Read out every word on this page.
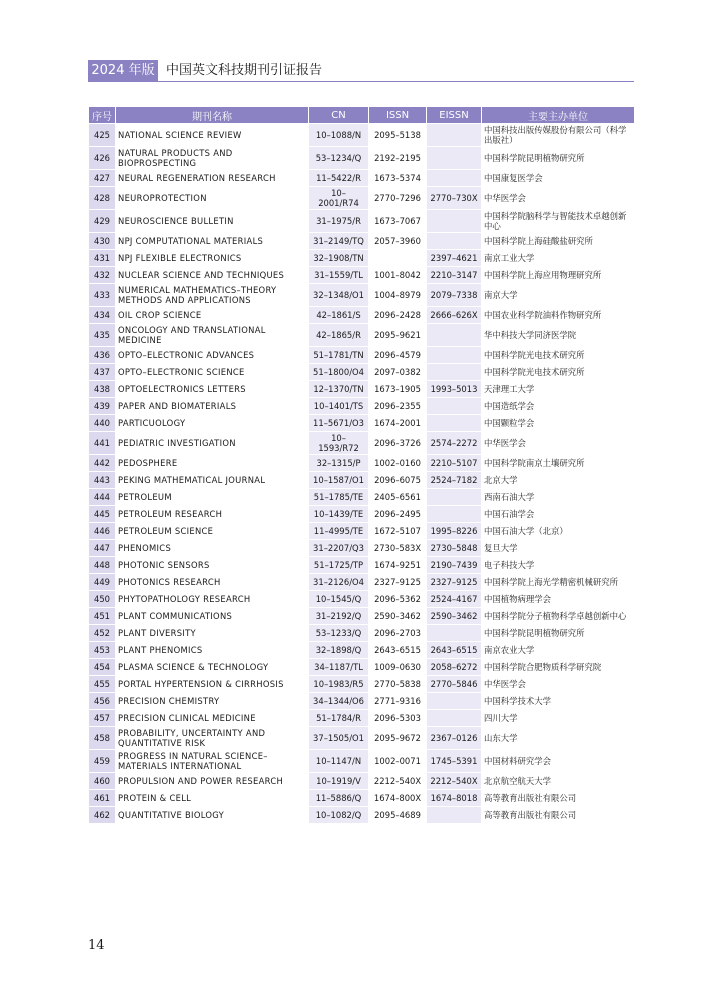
2024 年版 中国英文科技期刊引证报告
序号	期刊名称	CN	ISSN	EISSN	主要主办单位
425	NATIONAL SCIENCE REVIEW	10–1088/N	2095–5138		中国科技出版传媒股份有限公司（科学出版社）
426	NATURAL PRODUCTS AND BIOPROSPECTING	53–1234/Q	2192–2195		中国科学院昆明植物研究所
427	NEURAL REGENERATION RESEARCH	11–5422/R	1673–5374		中国康复医学会
428	NEUROPROTECTION	10–2001/R74	2770–7296	2770–730X	中华医学会
429	NEUROSCIENCE BULLETIN	31–1975/R	1673–7067		中国科学院脑科学与智能技术卓越创新中心
430	NPJ COMPUTATIONAL MATERIALS	31–2149/TQ	2057–3960		中国科学院上海硅酸盐研究所
431	NPJ FLEXIBLE ELECTRONICS	32–1908/TN		2397–4621	南京工业大学
432	NUCLEAR SCIENCE AND TECHNIQUES	31–1559/TL	1001–8042	2210–3147	中国科学院上海应用物理研究所
433	NUMERICAL MATHEMATICS–THEORY METHODS AND APPLICATIONS	32–1348/O1	1004–8979	2079–7338	南京大学
434	OIL CROP SCIENCE	42–1861/S	2096–2428	2666–626X	中国农业科学院油料作物研究所
435	ONCOLOGY AND TRANSLATIONAL MEDICINE	42–1865/R	2095–9621		华中科技大学同济医学院
436	OPTO–ELECTRONIC ADVANCES	51–1781/TN	2096–4579		中国科学院光电技术研究所
437	OPTO–ELECTRONIC SCIENCE	51–1800/O4	2097–0382		中国科学院光电技术研究所
438	OPTOELECTRONICS LETTERS	12–1370/TN	1673–1905	1993–5013	天津理工大学
439	PAPER AND BIOMATERIALS	10–1401/TS	2096–2355		中国造纸学会
440	PARTICUOLOGY	11–5671/O3	1674–2001		中国颗粒学会
441	PEDIATRIC INVESTIGATION	10–1593/R72	2096–3726	2574–2272	中华医学会
442	PEDOSPHERE	32–1315/P	1002–0160	2210–5107	中国科学院南京土壤研究所
443	PEKING MATHEMATICAL JOURNAL	10–1587/O1	2096–6075	2524–7182	北京大学
444	PETROLEUM	51–1785/TE	2405–6561		西南石油大学
445	PETROLEUM RESEARCH	10–1439/TE	2096–2495		中国石油学会
446	PETROLEUM SCIENCE	11–4995/TE	1672–5107	1995–8226	中国石油大学（北京）
447	PHENOMICS	31–2207/Q3	2730–583X	2730–5848	复旦大学
448	PHOTONIC SENSORS	51–1725/TP	1674–9251	2190–7439	电子科技大学
449	PHOTONICS RESEARCH	31–2126/O4	2327–9125	2327–9125	中国科学院上海光学精密机械研究所
450	PHYTOPATHOLOGY RESEARCH	10–1545/Q	2096–5362	2524–4167	中国植物病理学会
451	PLANT COMMUNICATIONS	31–2192/Q	2590–3462	2590–3462	中国科学院分子植物科学卓越创新中心
452	PLANT DIVERSITY	53–1233/Q	2096–2703		中国科学院昆明植物研究所
453	PLANT PHENOMICS	32–1898/Q	2643–6515	2643–6515	南京农业大学
454	PLASMA SCIENCE & TECHNOLOGY	34–1187/TL	1009–0630	2058–6272	中国科学院合肥物质科学研究院
455	PORTAL HYPERTENSION & CIRRHOSIS	10–1983/R5	2770–5838	2770–5846	中华医学会
456	PRECISION CHEMISTRY	34–1344/O6	2771–9316		中国科学技术大学
457	PRECISION CLINICAL MEDICINE	51–1784/R	2096–5303		四川大学
458	PROBABILITY, UNCERTAINTY AND QUANTITATIVE RISK	37–1505/O1	2095–9672	2367–0126	山东大学
459	PROGRESS IN NATURAL SCIENCE–MATERIALS INTERNATIONAL	10–1147/N	1002–0071	1745–5391	中国材料研究学会
460	PROPULSION AND POWER RESEARCH	10–1919/V	2212–540X	2212–540X	北京航空航天大学
461	PROTEIN & CELL	11–5886/Q	1674–800X	1674–8018	高等教育出版社有限公司
462	QUANTITATIVE BIOLOGY	10–1082/Q	2095–4689		高等教育出版社有限公司
14
